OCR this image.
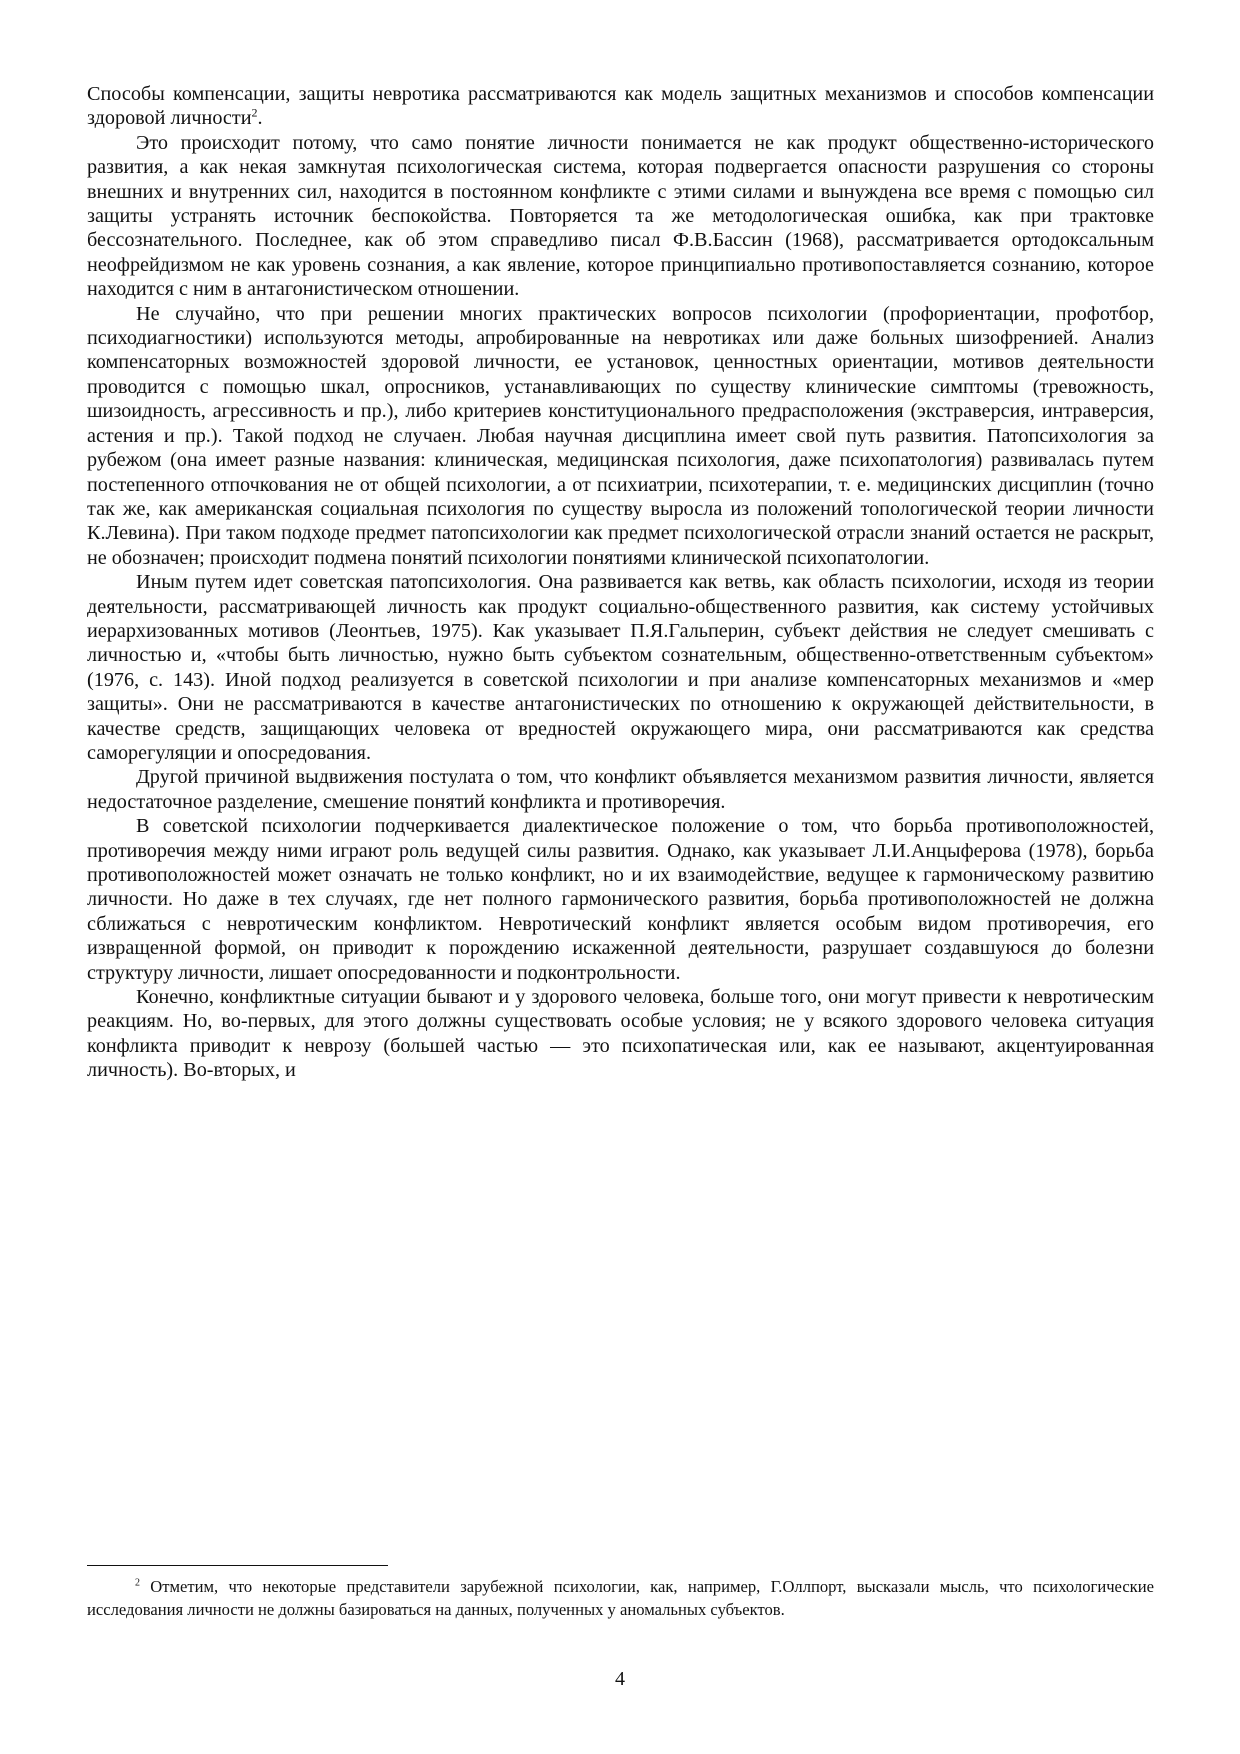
Способы компенсации, защиты невротика рассматриваются как модель защитных механизмов и способов компенсации здоровой личности$^2$.

Это происходит потому, что само понятие личности понимается не как продукт общественно-исторического развития, а как некая замкнутая психологическая система, которая подвергается опасности разрушения со стороны внешних и внутренних сил, находится в постоянном конфликте с этими силами и вынуждена все время с помощью сил защиты устранять источник беспокойства. Повторяется та же методологическая ошибка, как при трактовке бессознательного. Последнее, как об этом справедливо писал Ф.В.Бассин (1968), рассматривается ортодоксальным неофрейдизмом не как уровень сознания, а как явление, которое принципиально противопоставляется сознанию, которое находится с ним в антагонистическом отношении.

Не случайно, что при решении многих практических вопросов психологии (профориентации, профотбор, психодиагностики) используются методы, апробированные на невротиках или даже больных шизофренией. Анализ компенсаторных возможностей здоровой личности, ее установок, ценностных ориентации, мотивов деятельности проводится с помощью шкал, опросников, устанавливающих по существу клинические симптомы (тревожность, шизоидность, агрессивность и пр.), либо критериев конституционального предрасположения (экстраверсия, интраверсия, астения и пр.). Такой подход не случаен. Любая научная дисциплина имеет свой путь развития. Патопсихология за рубежом (она имеет разные названия: клиническая, медицинская психология, даже психопатология) развивалась путем постепенного отпочкования не от общей психологии, а от психиатрии, психотерапии, т. е. медицинских дисциплин (точно так же, как американская социальная психология по существу выросла из положений топологической теории личности К.Левина). При таком подходе предмет патопсихологии как предмет психологической отрасли знаний остается не раскрыт, не обозначен; происходит подмена понятий психологии понятиями клинической психопатологии.

Иным путем идет советская патопсихология. Она развивается как ветвь, как область психологии, исходя из теории деятельности, рассматривающей личность как продукт социально-общественного развития, как систему устойчивых иерархизованных мотивов (Леонтьев, 1975). Как указывает П.Я.Гальперин, субъект действия не следует смешивать с личностью и, «чтобы быть личностью, нужно быть субъектом сознательным, общественно-ответственным субъектом» (1976, с. 143). Иной подход реализуется в советской психологии и при анализе компенсаторных механизмов и «мер защиты». Они не рассматриваются в качестве антагонистических по отношению к окружающей действительности, в качестве средств, защищающих человека от вредностей окружающего мира, они рассматриваются как средства саморегуляции и опосредования.

Другой причиной выдвижения постулата о том, что конфликт объявляется механизмом развития личности, является недостаточное разделение, смешение понятий конфликта и противоречия.

В советской психологии подчеркивается диалектическое положение о том, что борьба противоположностей, противоречия между ними играют роль ведущей силы развития. Однако, как указывает Л.И.Анцыферова (1978), борьба противоположностей может означать не только конфликт, но и их взаимодействие, ведущее к гармоническому развитию личности. Но даже в тех случаях, где нет полного гармонического развития, борьба противоположностей не должна сближаться с невротическим конфликтом. Невротический конфликт является особым видом противоречия, его извращенной формой, он приводит к порождению искаженной деятельности, разрушает создавшуюся до болезни структуру личности, лишает опосредованности и подконтрольности.

Конечно, конфликтные ситуации бывают и у здорового человека, больше того, они могут привести к невротическим реакциям. Но, во-первых, для этого должны существовать особые условия; не у всякого здорового человека ситуация конфликта приводит к неврозу (большей частью — это психопатическая или, как ее называют, акцентуированная личность). Во-вторых, и

$^2$ Отметим, что некоторые представители зарубежной психологии, как, например, Г.Оллпорт, высказали мысль, что психологические исследования личности не должны базироваться на данных, полученных у аномальных субъектов.

4
